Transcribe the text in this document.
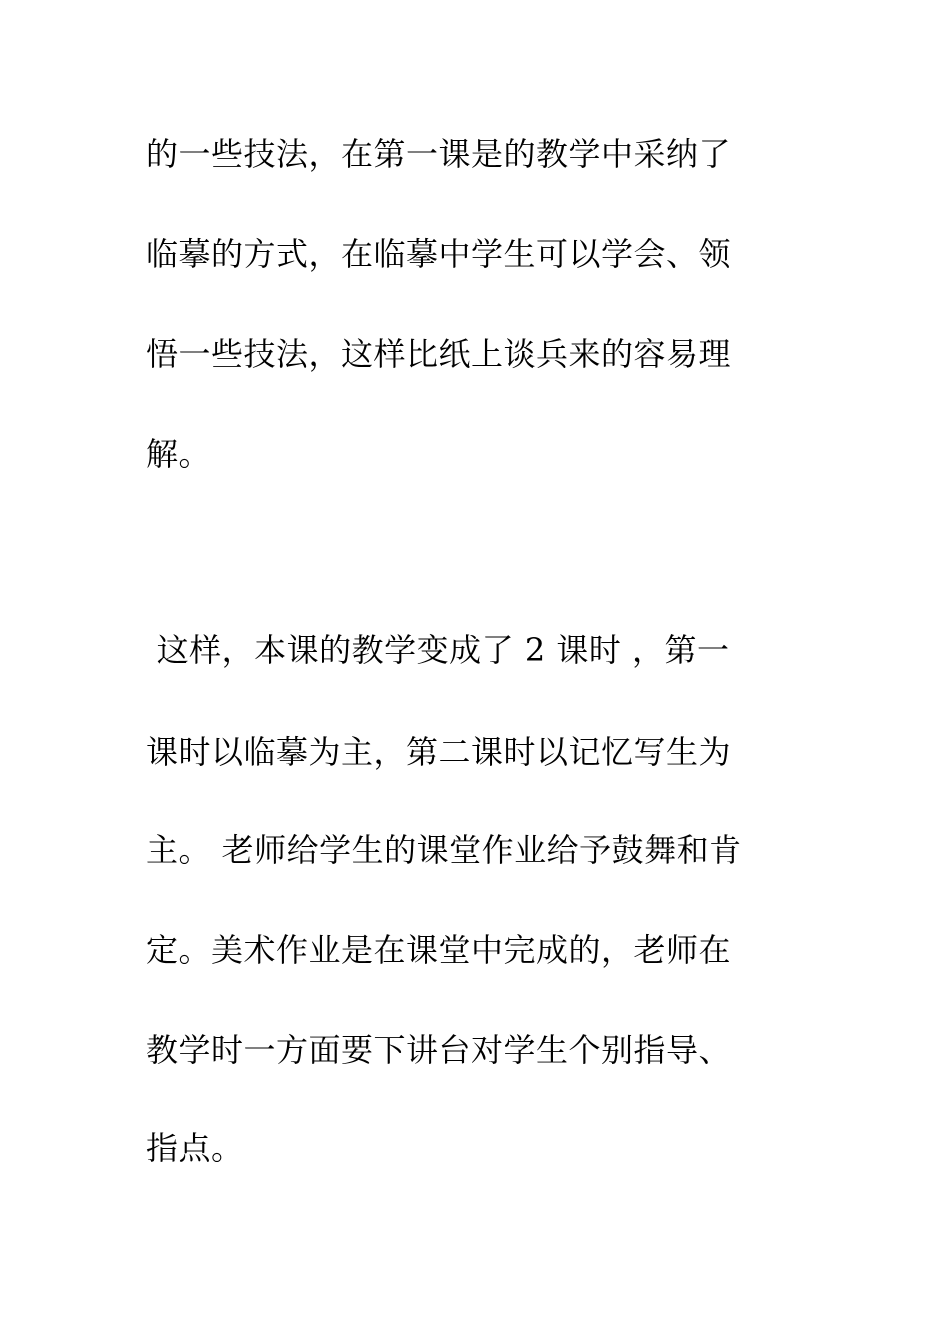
的一些技法，在第一课是的教学中采纳了
临摹的方式，在临摹中学生可以学会、领
悟一些技法，这样比纸上谈兵来的容易理
解。
这样，本课的教学变成了 2 课时 ，第一
课时以临摹为主，第二课时以记忆写生为
主。 老师给学生的课堂作业给予鼓舞和肯
定。美术作业是在课堂中完成的，老师在
教学时一方面要下讲台对学生个别指导、
指点。
